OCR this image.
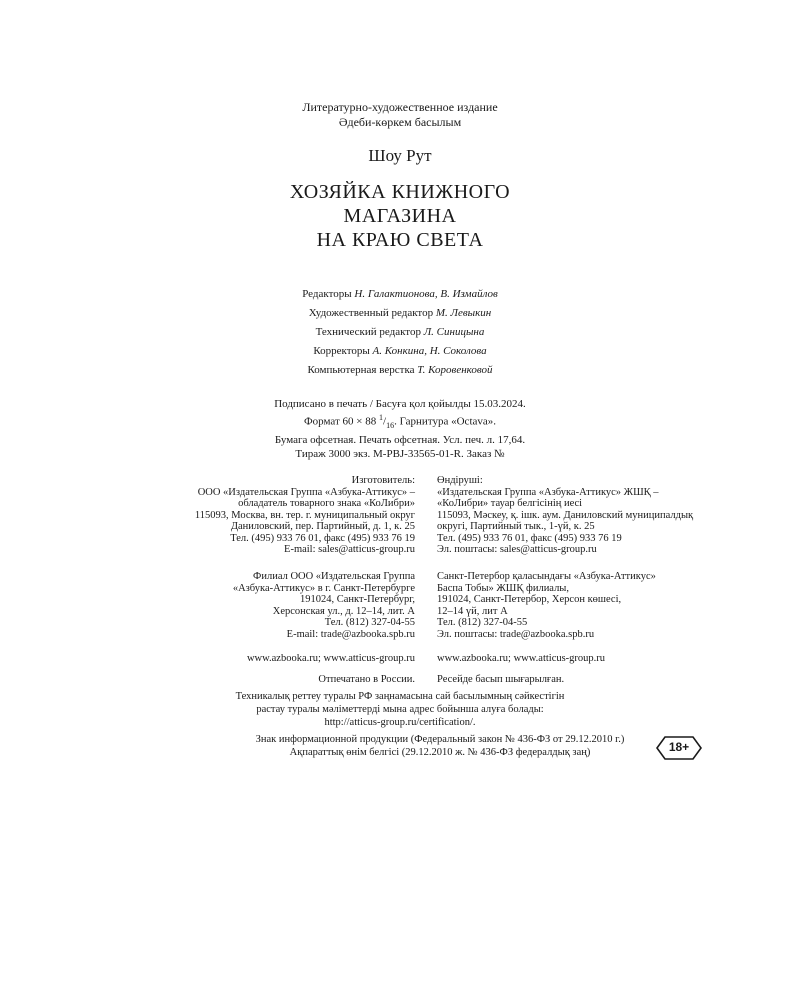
Литературно-художественное издание
Әдеби-көркем басылым
Шоу Рут
ХОЗЯЙКА КНИЖНОГО
МАГАЗИНА
НА КРАЮ СВЕТА
Редакторы Н. Галактионова, В. Измайлов
Художественный редактор М. Левыкин
Технический редактор Л. Синицына
Корректоры А. Конкина, Н. Соколова
Компьютерная верстка Т. Коровенковой
Подписано в печать / Басуға қол қойылды 15.03.2024.
Формат 60 × 88 $^1/_{16}$. Гарнитура «Octava».
Бумага офсетная. Печать офсетная. Усл. печ. л. 17,64.
Тираж 3000 экз. M-PBJ-33565-01-R. Заказ №
Изготовитель:
ООО «Издательская Группа «Азбука-Аттикус» –
обладатель товарного знака «КоЛибри»
115093, Москва, вн. тер. г. муниципальный округ
Даниловский, пер. Партийный, д. 1, к. 25
Тел. (495) 933 76 01, факс (495) 933 76 19
E-mail: sales@atticus-group.ru
Өндіруші:
«Издательская Группа «Азбука-Аттикус» ЖШҚ –
«КоЛибри» тауар белгісінің иесі
115093, Мәскеу, қ. ішк. аум. Даниловский муниципалдық
округі, Партийный тык., 1-үй, к. 25
Тел. (495) 933 76 01, факс (495) 933 76 19
Эл. поштасы: sales@atticus-group.ru
Филиал ООО «Издательская Группа
«Азбука-Аттикус» в г. Санкт-Петербурге
191024, Санкт-Петербург,
Херсонская ул., д. 12–14, лит. А
Тел. (812) 327-04-55
E-mail: trade@azbooka.spb.ru
Санкт-Петербор қаласындағы «Азбука-Аттикус»
Баспа Тобы» ЖШҚ филиалы,
191024, Санкт-Петербор, Херсон көшесі,
12–14 үй, лит А
Тел. (812) 327-04-55
Эл. поштасы: trade@azbooka.spb.ru
www.azbooka.ru; www.atticus-group.ru www.azbooka.ru; www.atticus-group.ru
Отпечатано в России. Ресейде басып шығарылған.
Техникалық реттеу туралы РФ заңнамасына сай басылымның сәйкестігін
растау туралы мәліметтерді мына адрес бойынша алуға болады:
http://atticus-group.ru/certification/.
Знак информационной продукции (Федеральный закон № 436-ФЗ от 29.12.2010 г.)
Ақпараттық өнім белгісі (29.12.2010 ж. № 436-ФЗ федералдық заң)	18+
